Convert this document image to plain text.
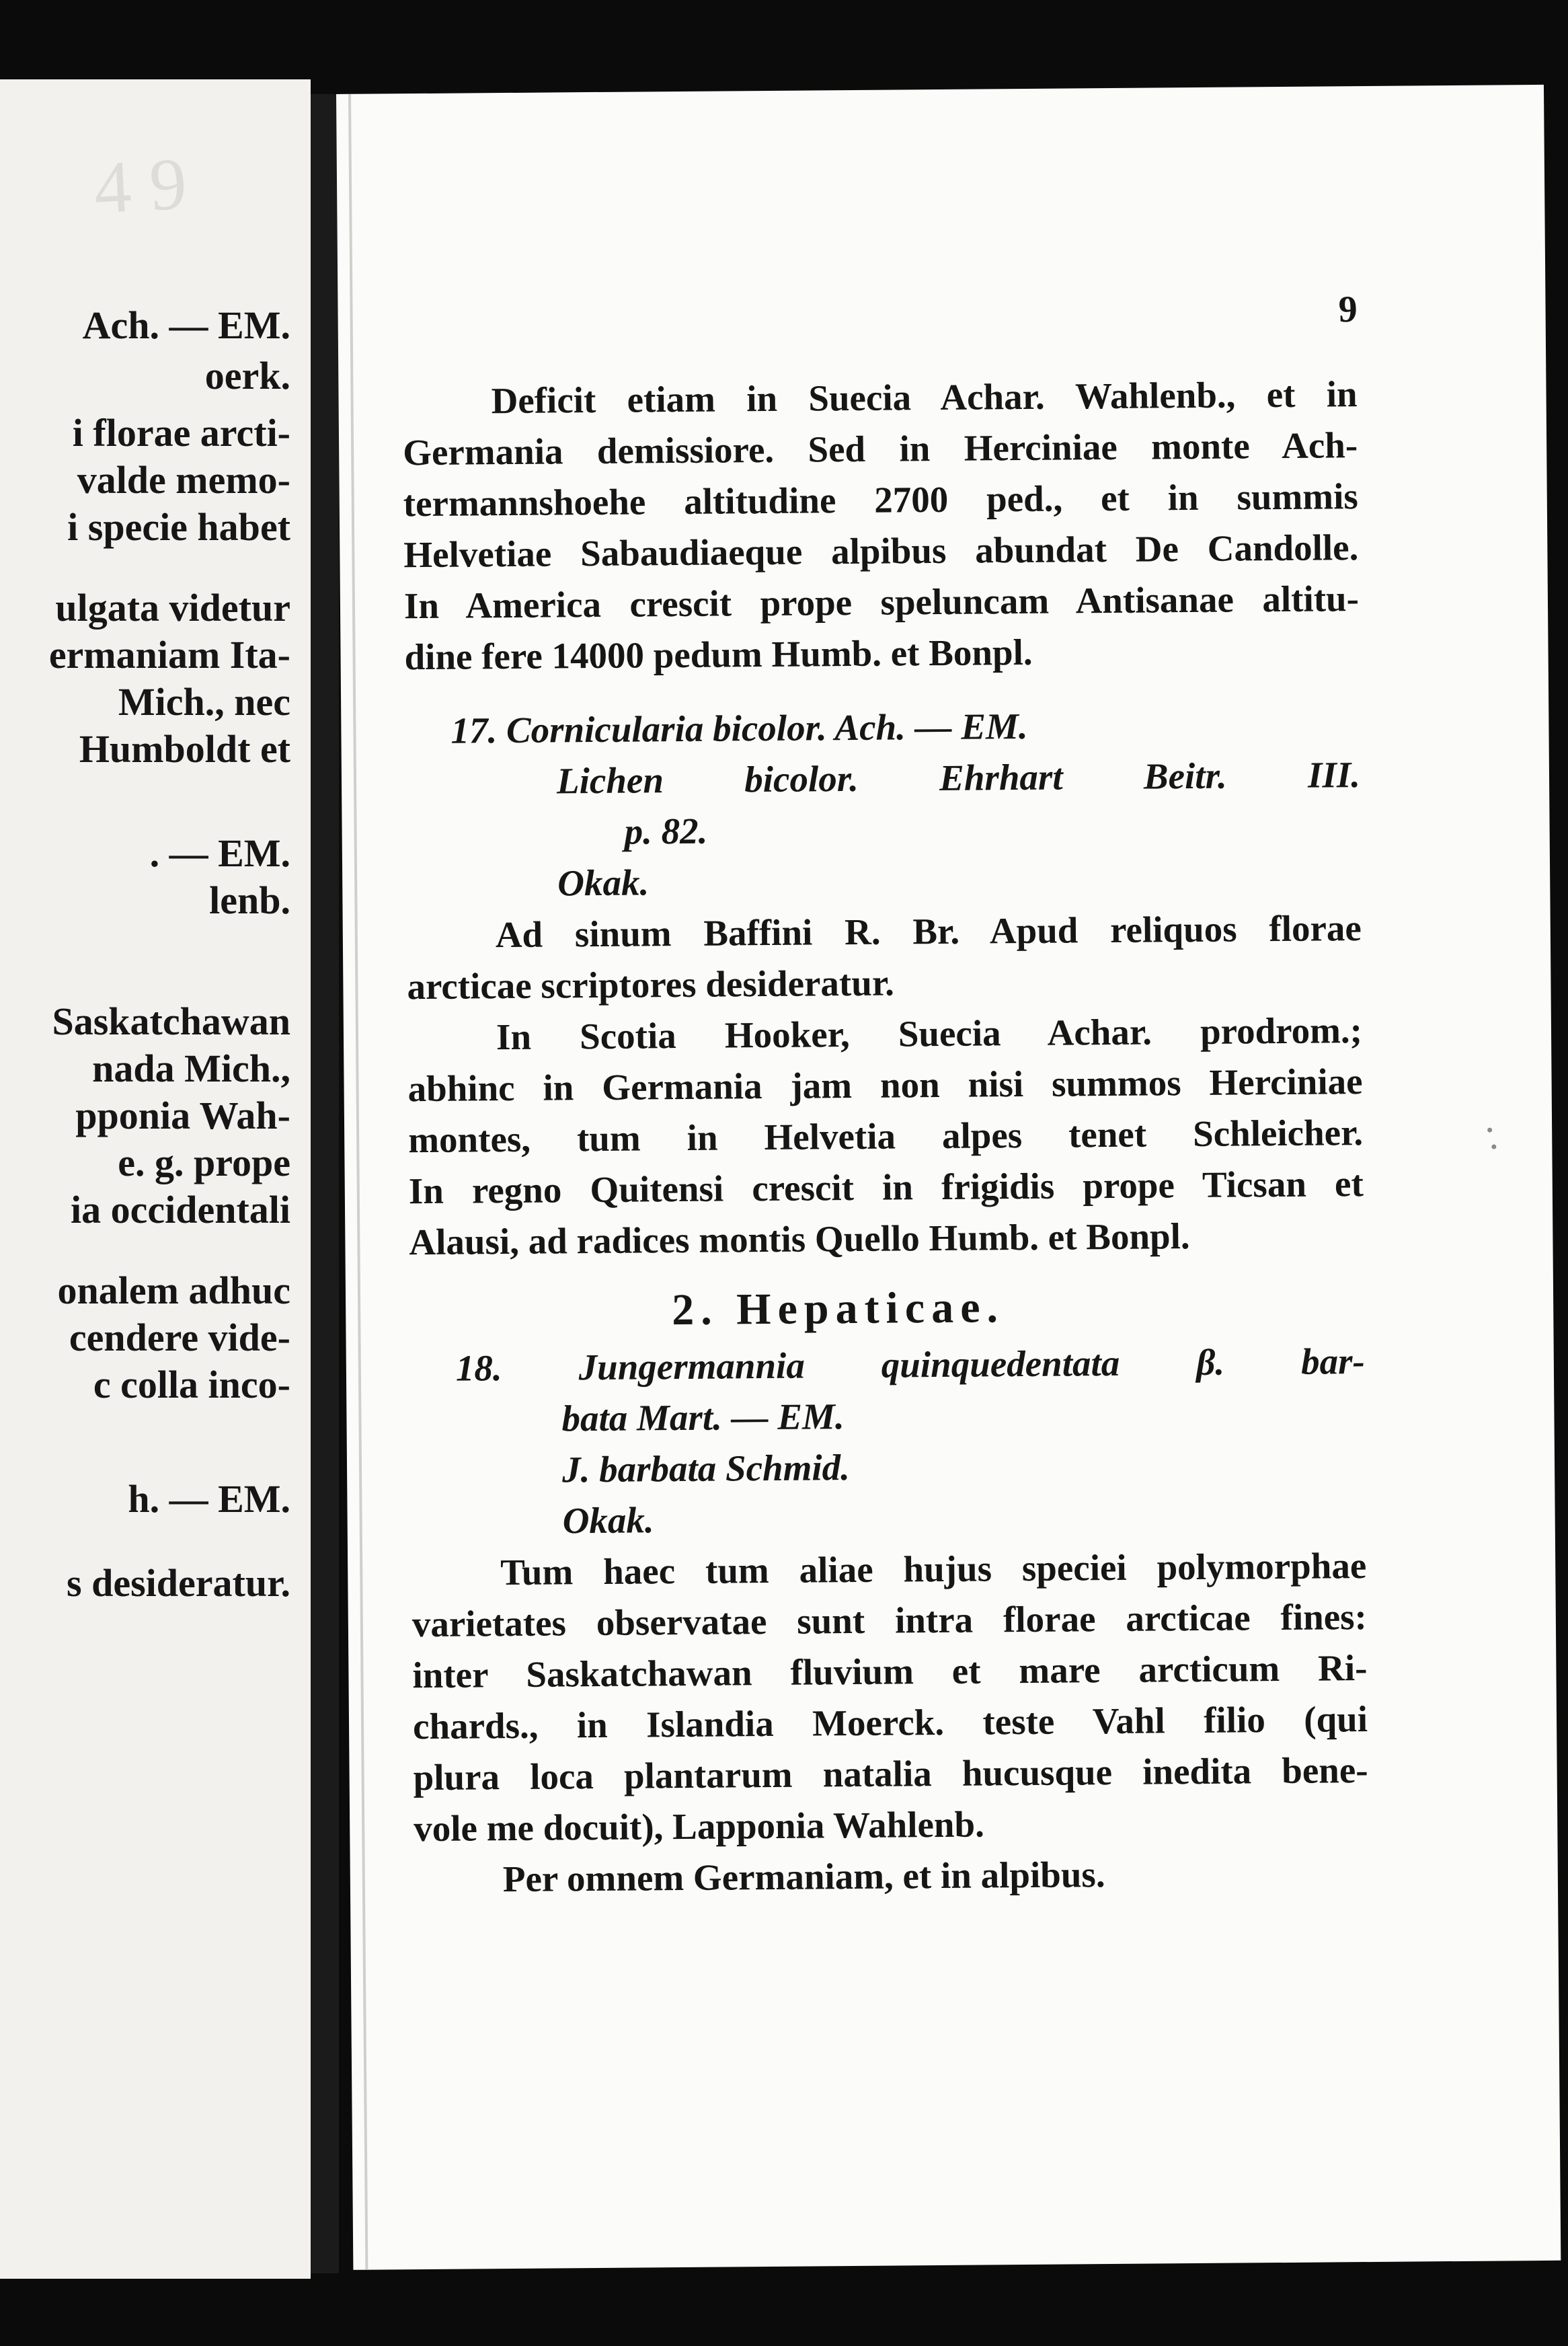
4 9
Ach. — EM.
oerk.
i florae arcti-
valde memo-
i specie habet
ulgata videtur
ermaniam Ita-
Mich., nec
Humboldt et
. — EM.
lenb.
Saskatchawan
nada Mich.,
pponia Wah-
e. g. prope
ia occidentali
onalem adhuc
cendere vide-
c colla inco-
h. — EM.
s desideratur.
9
Deficit etiam in Suecia Achar. Wahlenb., et in
Germania demissiore. Sed in Herciniae monte Ach-
termannshoehe altitudine 2700 ped., et in summis
Helvetiae Sabaudiaeque alpibus abundat De Candolle.
In America crescit prope speluncam Antisanae altitu-
dine fere 14000 pedum Humb. et Bonpl.
17. Cornicularia bicolor. Ach. — EM.
Lichen bicolor. Ehrhart Beitr. III.
p. 82.
Okak.
Ad sinum Baffini R. Br. Apud reliquos florae
arcticae scriptores desideratur.
In Scotia Hooker, Suecia Achar. prodrom.;
abhinc in Germania jam non nisi summos Herciniae
montes, tum in Helvetia alpes tenet Schleicher.
In regno Quitensi crescit in frigidis prope Ticsan et
Alausi, ad radices montis Quello Humb. et Bonpl.
2. Hepaticae.
18. Jungermannia quinquedentata β. bar-
bata Mart. — EM.
J. barbata Schmid.
Okak.
Tum haec tum aliae hujus speciei polymorphae
varietates observatae sunt intra florae arcticae fines:
inter Saskatchawan fluvium et mare arcticum Ri-
chards., in Islandia Moerck. teste Vahl filio (qui
plura loca plantarum natalia hucusque inedita bene-
vole me docuit), Lapponia Wahlenb.
Per omnem Germaniam, et in alpibus.
